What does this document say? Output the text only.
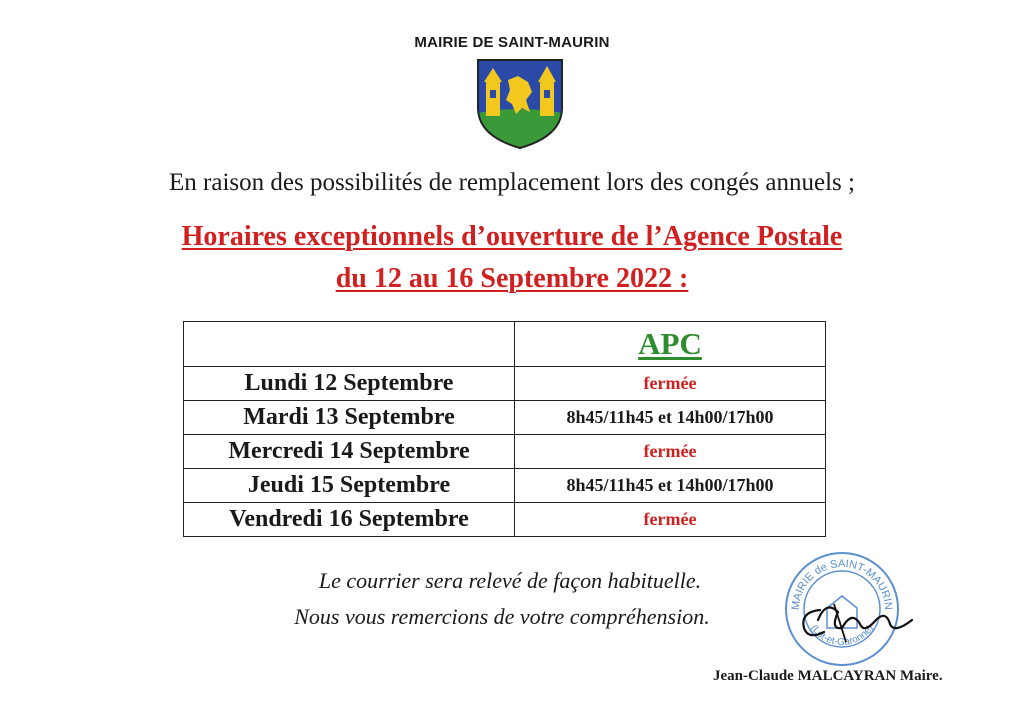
MAIRIE DE SAINT-MAURIN
En raison des possibilités de remplacement lors des congés annuels ;
Horaires exceptionnels d’ouverture de l’Agence Postale
du 12 au 16 Septembre 2022 :
	APC
Lundi 12 Septembre	fermée
Mardi 13 Septembre	8h45/11h45 et 14h00/17h00
Mercredi 14 Septembre	fermée
Jeudi 15 Septembre	8h45/11h45 et 14h00/17h00
Vendredi 16 Septembre	fermée
Le courrier sera relevé de façon habituelle.
Nous vous remercions de votre compréhension.	MAIRIE de SAINT-MAURIN
(Lot-et-Garonne)
Jean-Claude MALCAYRAN Maire.
